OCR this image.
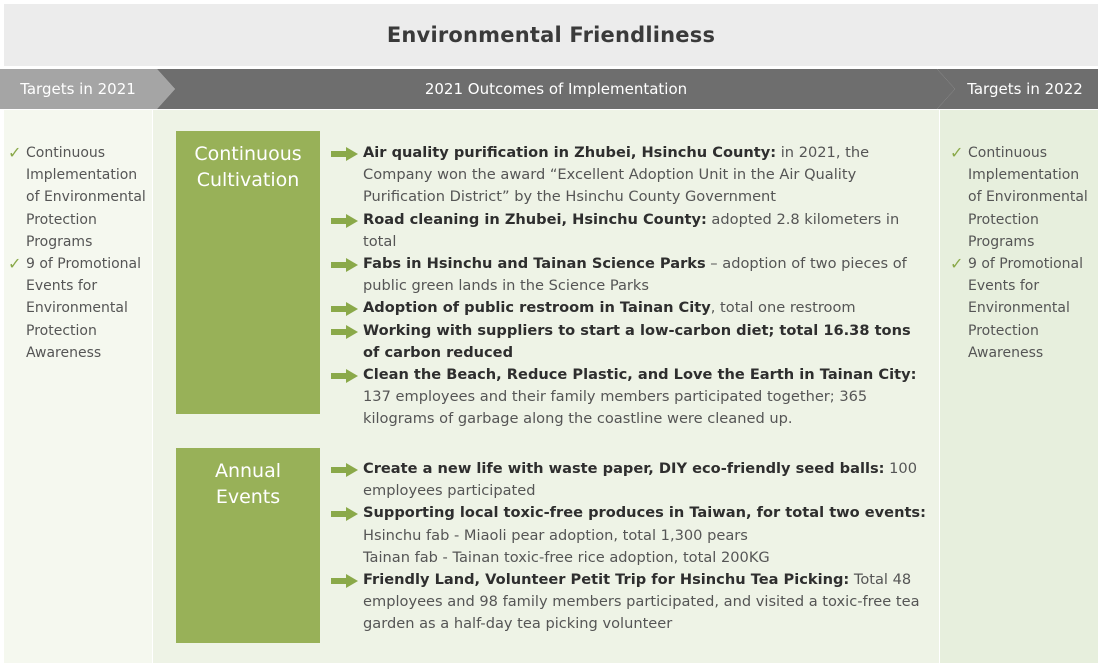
Environmental Friendliness
Targets in 2021	2021 Outcomes of Implementation	Targets in 2022
✓ Continuous Implementation of Environmental Protection Programs
✓ 9 of Promotional Events for Environmental Protection Awareness
✓ Continuous Implementation of Environmental Protection Programs
✓ 9 of Promotional Events for Environmental Protection Awareness
Continuous
Cultivation
Air quality purification in Zhubei, Hsinchu County: in 2021, the Company won the award “Excellent Adoption Unit in the Air Quality Purification District” by the Hsinchu County Government
Road cleaning in Zhubei, Hsinchu County: adopted 2.8 kilometers in total
Fabs in Hsinchu and Tainan Science Parks – adoption of two pieces of public green lands in the Science Parks
Adoption of public restroom in Tainan City, total one restroom
Working with suppliers to start a low-carbon diet; total 16.38 tons of carbon reduced
Clean the Beach, Reduce Plastic, and Love the Earth in Tainan City: 137 employees and their family members participated together; 365 kilograms of garbage along the coastline were cleaned up.
Annual
Events
Create a new life with waste paper, DIY eco-friendly seed balls: 100 employees participated
Supporting local toxic-free produces in Taiwan, for total two events:
Hsinchu fab - Miaoli pear adoption, total 1,300 pears
Tainan fab - Tainan toxic-free rice adoption, total 200KG
Friendly Land, Volunteer Petit Trip for Hsinchu Tea Picking: Total 48 employees and 98 family members participated, and visited a toxic-free tea garden as a half-day tea picking volunteer
